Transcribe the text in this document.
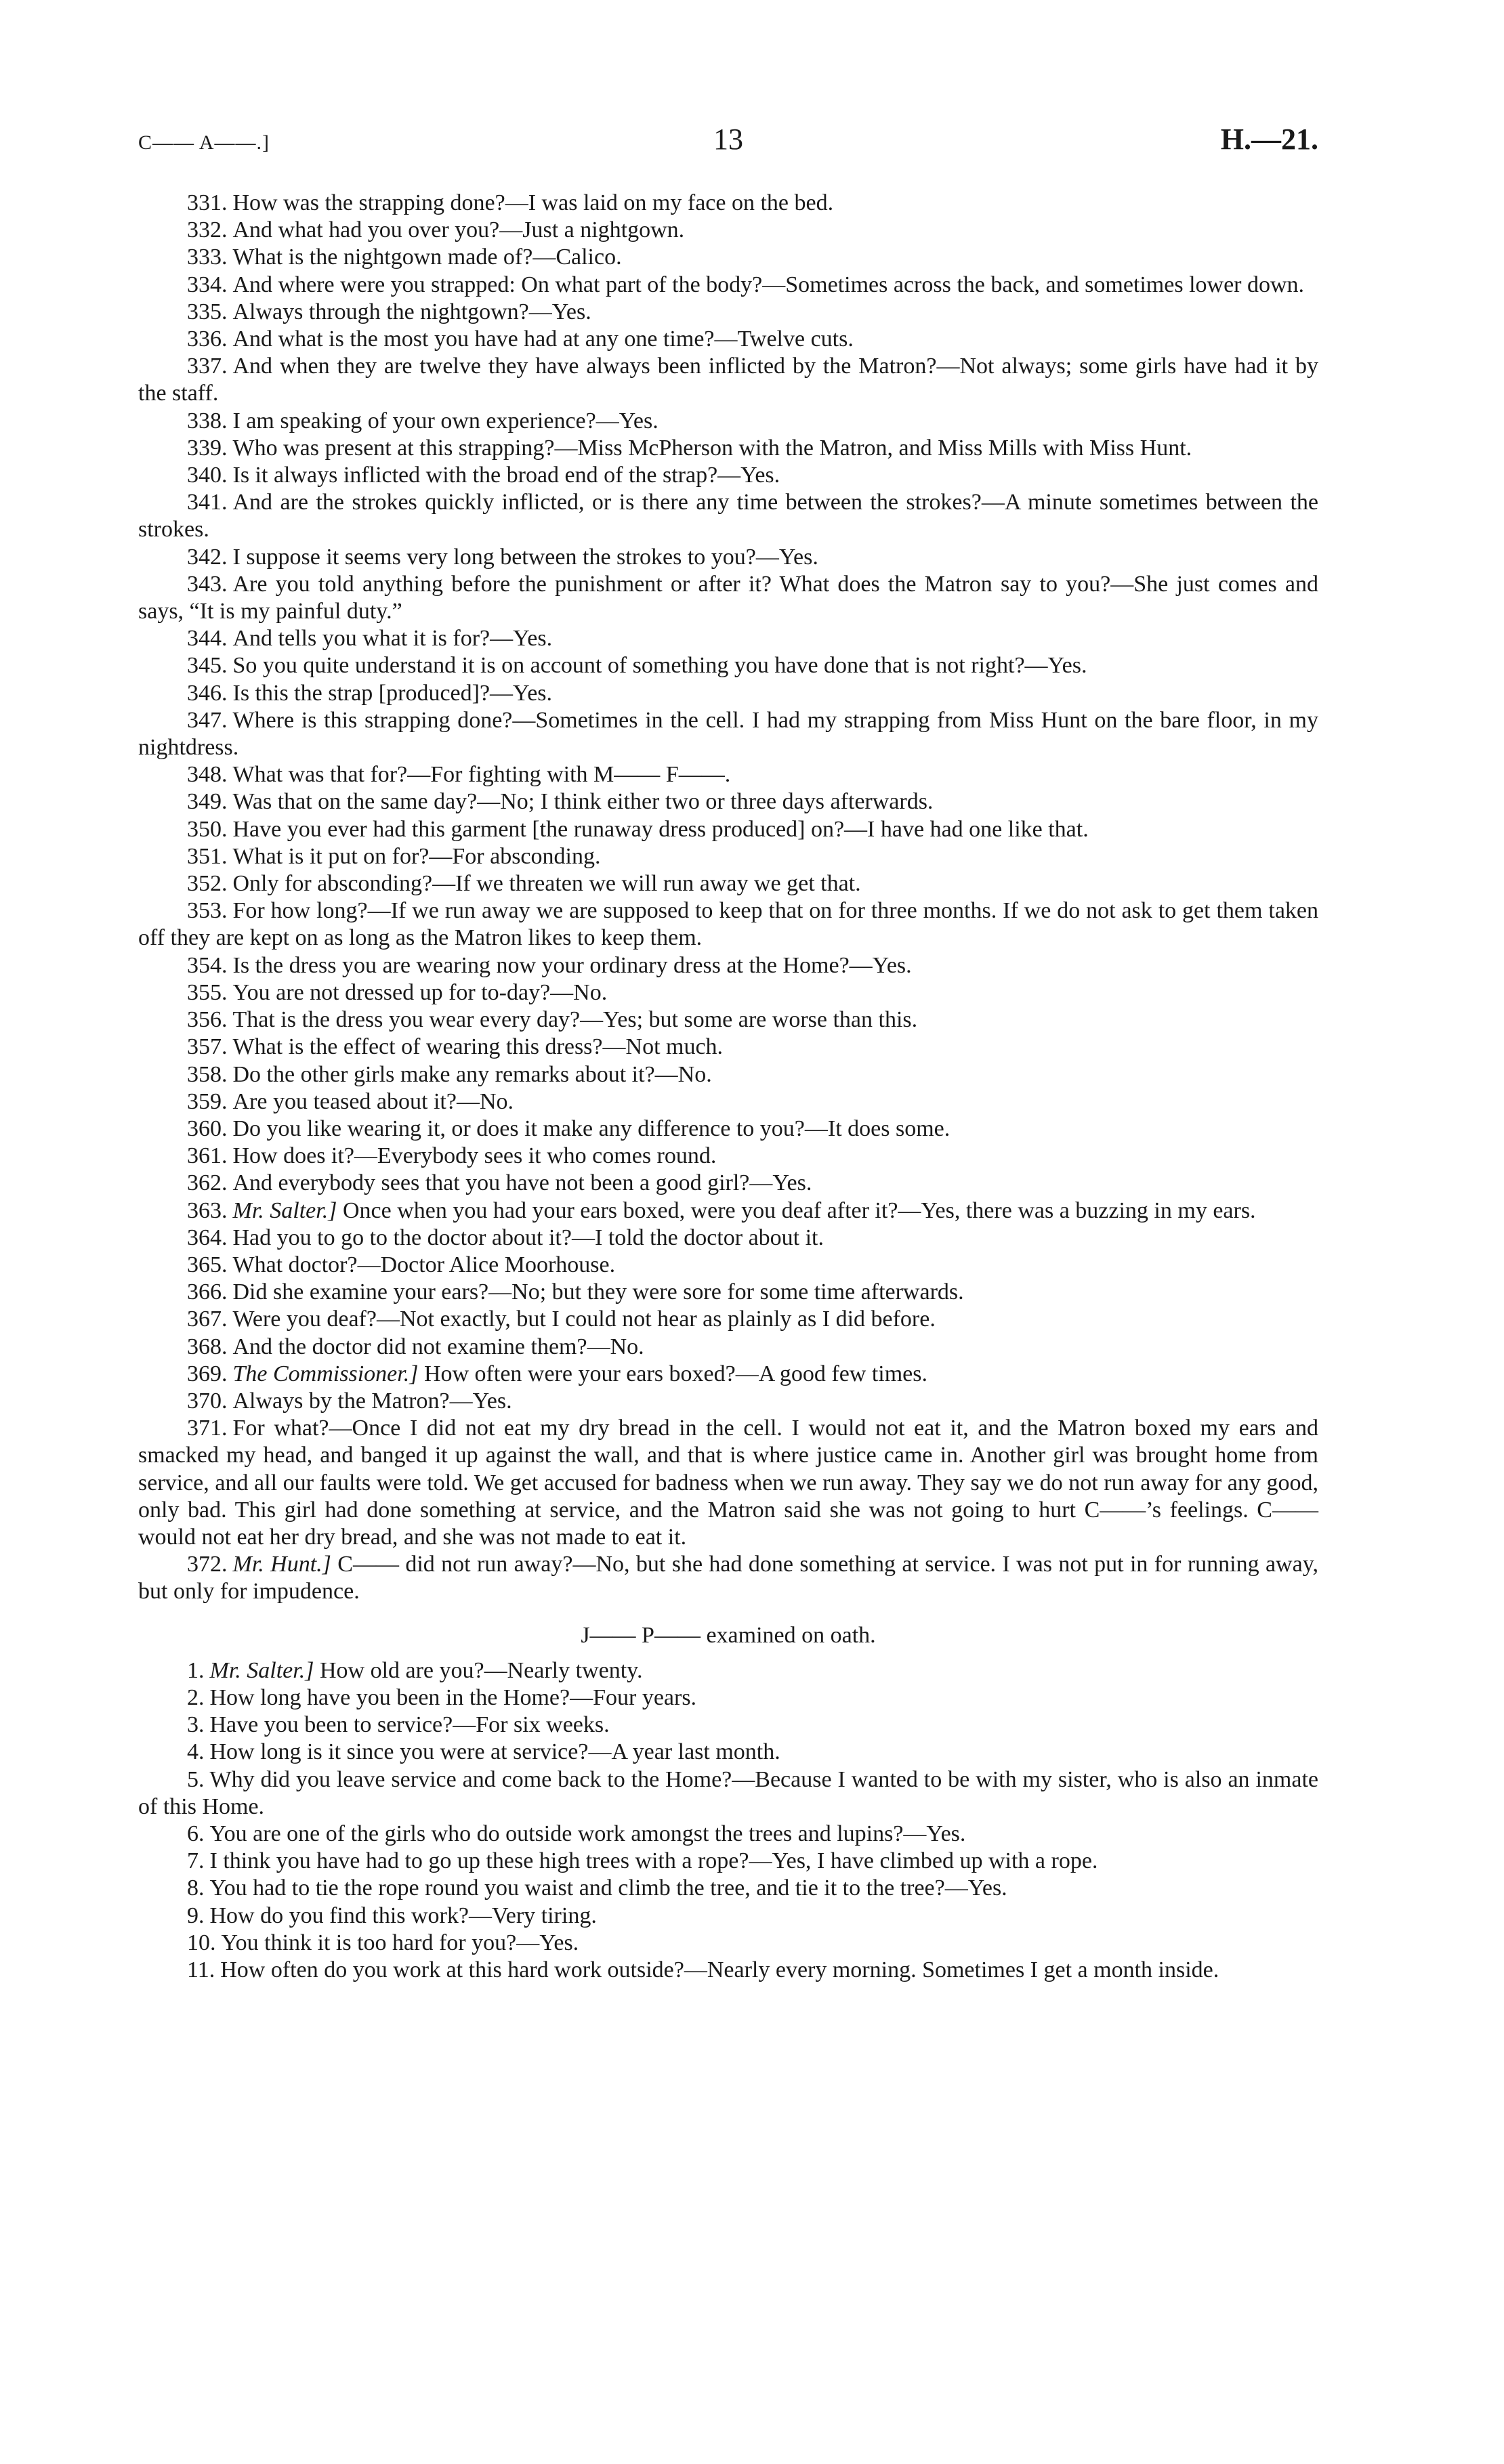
C—— A——.]	13	H.—21.

331. How was the strapping done?—I was laid on my face on the bed.

332. And what had you over you?—Just a nightgown.

333. What is the nightgown made of?—Calico.

334. And where were you strapped: On what part of the body?—Sometimes across the back, and sometimes lower down.

335. Always through the nightgown?—Yes.

336. And what is the most you have had at any one time?—Twelve cuts.

337. And when they are twelve they have always been inflicted by the Matron?—Not always; some girls have had it by the staff.

338. I am speaking of your own experience?—Yes.

339. Who was present at this strapping?—Miss McPherson with the Matron, and Miss Mills with Miss Hunt.

340. Is it always inflicted with the broad end of the strap?—Yes.

341. And are the strokes quickly inflicted, or is there any time between the strokes?—A minute sometimes between the strokes.

342. I suppose it seems very long between the strokes to you?—Yes.

343. Are you told anything before the punishment or after it? What does the Matron say to you?—She just comes and says, “It is my painful duty.”

344. And tells you what it is for?—Yes.

345. So you quite understand it is on account of something you have done that is not right?—Yes.

346. Is this the strap [produced]?—Yes.

347. Where is this strapping done?—Sometimes in the cell. I had my strapping from Miss Hunt on the bare floor, in my nightdress.

348. What was that for?—For fighting with M—— F——.

349. Was that on the same day?—No; I think either two or three days afterwards.

350. Have you ever had this garment [the runaway dress produced] on?—I have had one like that.

351. What is it put on for?—For absconding.

352. Only for absconding?—If we threaten we will run away we get that.

353. For how long?—If we run away we are supposed to keep that on for three months. If we do not ask to get them taken off they are kept on as long as the Matron likes to keep them.

354. Is the dress you are wearing now your ordinary dress at the Home?—Yes.

355. You are not dressed up for to-day?—No.

356. That is the dress you wear every day?—Yes; but some are worse than this.

357. What is the effect of wearing this dress?—Not much.

358. Do the other girls make any remarks about it?—No.

359. Are you teased about it?—No.

360. Do you like wearing it, or does it make any difference to you?—It does some.

361. How does it?—Everybody sees it who comes round.

362. And everybody sees that you have not been a good girl?—Yes.

363. Mr. Salter.] Once when you had your ears boxed, were you deaf after it?—Yes, there was a buzzing in my ears.

364. Had you to go to the doctor about it?—I told the doctor about it.

365. What doctor?—Doctor Alice Moorhouse.

366. Did she examine your ears?—No; but they were sore for some time afterwards.

367. Were you deaf?—Not exactly, but I could not hear as plainly as I did before.

368. And the doctor did not examine them?—No.

369. The Commissioner.] How often were your ears boxed?—A good few times.

370. Always by the Matron?—Yes.

371. For what?—Once I did not eat my dry bread in the cell. I would not eat it, and the Matron boxed my ears and smacked my head, and banged it up against the wall, and that is where justice came in. Another girl was brought home from service, and all our faults were told. We get accused for badness when we run away. They say we do not run away for any good, only bad. This girl had done something at service, and the Matron said she was not going to hurt C——’s feelings. C—— would not eat her dry bread, and she was not made to eat it.

372. Mr. Hunt.] C—— did not run away?—No, but she had done something at service. I was not put in for running away, but only for impudence.

J—— P—— examined on oath.

1. Mr. Salter.] How old are you?—Nearly twenty.

2. How long have you been in the Home?—Four years.

3. Have you been to service?—For six weeks.

4. How long is it since you were at service?—A year last month.

5. Why did you leave service and come back to the Home?—Because I wanted to be with my sister, who is also an inmate of this Home.

6. You are one of the girls who do outside work amongst the trees and lupins?—Yes.

7. I think you have had to go up these high trees with a rope?—Yes, I have climbed up with a rope.

8. You had to tie the rope round you waist and climb the tree, and tie it to the tree?—Yes.

9. How do you find this work?—Very tiring.

10. You think it is too hard for you?—Yes.

11. How often do you work at this hard work outside?—Nearly every morning. Sometimes I get a month inside.
